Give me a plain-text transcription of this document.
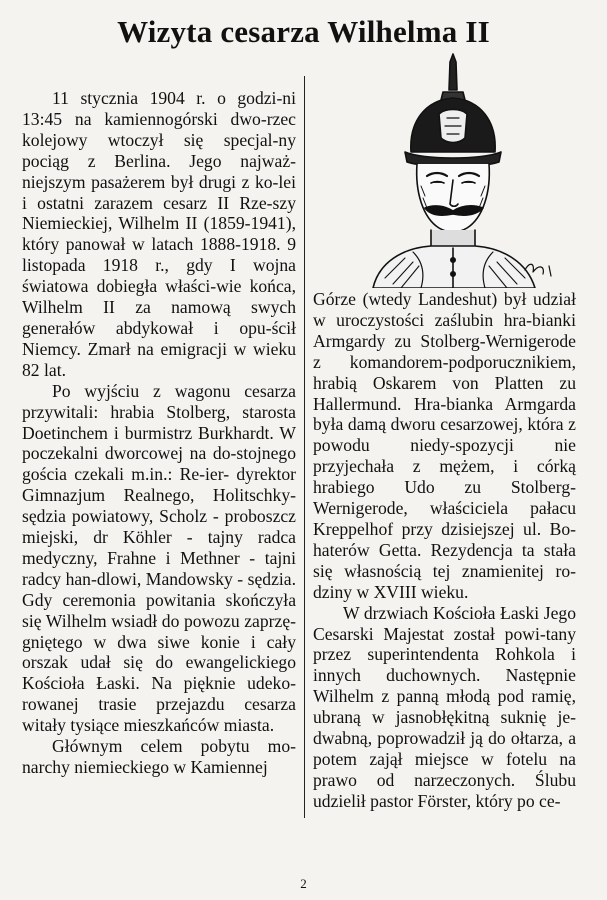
Wizyta cesarza Wilhelma II

11 stycznia 1904 r. o godzi-ni 13:45 na kamiennogórski dwo-rzec kolejowy wtoczył się specjal-ny pociąg z Berlina. Jego najważ-niejszym pasażerem był drugi z ko-lei i ostatni zarazem cesarz II Rze-szy Niemieckiej, Wilhelm II (1859-1941), który panował w latach 1888-1918. 9 listopada 1918 r., gdy I wojna światowa dobiegła właści-wie końca, Wilhelm II za namową swych generałów abdykował i opu-ścił Niemcy. Zmarł na emigracji w wieku 82 lat.

Po wyjściu z wagonu cesarza przywitali: hrabia Stolberg, starosta Doetinchem i burmistrz Burkhardt. W poczekalni dworcowej na do-stojnego gościa czekali m.in.: Re-ier- dyrektor Gimnazjum Realnego, Holitschky- sędzia powiatowy, Scholz - proboszcz miejski, dr Köhler - tajny radca medyczny, Frahne i Methner - tajni radcy han-dlowi, Mandowsky - sędzia. Gdy ceremonia powitania skończyła się Wilhelm wsiadł do powozu zaprzę-gniętego w dwa siwe konie i cały orszak udał się do ewangelickiego Kościoła Łaski. Na pięknie udeko-rowanej trasie przejazdu cesarza witały tysiące mieszkańców miasta.

Głównym celem pobytu mo-narchy niemieckiego w Kamiennej

Górze (wtedy Landeshut) był udział w uroczystości zaślubin hra-bianki Armgardy zu Stolberg-Wernigerode z komandorem-podporucznikiem, hrabią Oskarem von Platten zu Hallermund. Hra-bianka Armgarda była damą dworu cesarzowej, która z powodu niedy-spozycji nie przyjechała z mężem, i córką hrabiego Udo zu Stolberg-Wernigerode, właściciela pałacu Kreppelhof przy dzisiejszej ul. Bo-haterów Getta. Rezydencja ta stała się własnością tej znamienitej ro-dziny w XVIII wieku.

W drzwiach Kościoła Łaski Jego Cesarski Majestat został powi-tany przez superintendenta Rohkola i innych duchownych. Następnie Wilhelm z panną młodą pod ramię, ubraną w jasnobłękitną suknię je-dwabną, poprowadził ją do ołtarza, a potem zajął miejsce w fotelu na prawo od narzeczonych. Ślubu udzielił pastor Förster, który po ce-

2
